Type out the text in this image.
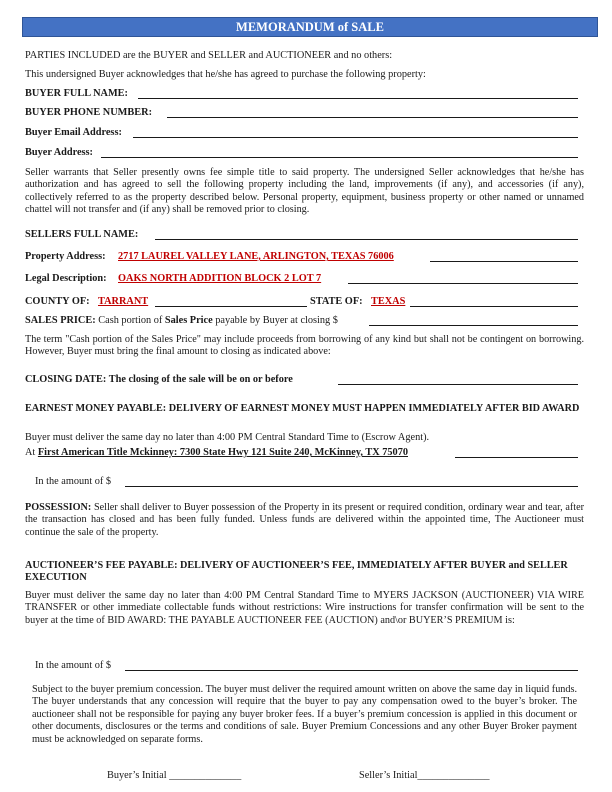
MEMORANDUM of SALE
PARTIES INCLUDED are the BUYER and SELLER and AUCTIONEER and no others:
This undersigned Buyer acknowledges that he/she has agreed to purchase the following property:
BUYER FULL NAME:
BUYER PHONE NUMBER:
Buyer Email Address:
Buyer Address:
Seller warrants that Seller presently owns fee simple title to said property. The undersigned Seller acknowledges that he/she has authorization and has agreed to sell the following property including the land, improvements (if any), and accessories (if any), collectively referred to as the property described below. Personal property, equipment, business property or other named or unnamed chattel will not transfer and (if any) shall be removed prior to closing.
SELLERS FULL NAME:
Property Address: 2717 LAUREL VALLEY LANE, ARLINGTON, TEXAS 76006
Legal Description: OAKS NORTH ADDITION BLOCK 2 LOT 7
COUNTY OF: TARRANT	STATE OF: TEXAS
SALES PRICE: Cash portion of Sales Price payable by Buyer at closing $
The term "Cash portion of the Sales Price" may include proceeds from borrowing of any kind but shall not be contingent on borrowing. However, Buyer must bring the final amount to closing as indicated above:
CLOSING DATE: The closing of the sale will be on or before
EARNEST MONEY PAYABLE: DELIVERY OF EARNEST MONEY MUST HAPPEN IMMEDIATELY AFTER BID AWARD
Buyer must deliver the same day no later than 4:00 PM Central Standard Time to (Escrow Agent).
At First American Title Mckinney: 7300 State Hwy 121 Suite 240, McKinney, TX 75070
In the amount of $
POSSESSION: Seller shall deliver to Buyer possession of the Property in its present or required condition, ordinary wear and tear, after the transaction has closed and has been fully funded. Unless funds are delivered within the appointed time, The Auctioneer must continue the sale of the property.
AUCTIONEER’S FEE PAYABLE: DELIVERY OF AUCTIONEER’S FEE, IMMEDIATELY AFTER BUYER and SELLER EXECUTION
Buyer must deliver the same day no later than 4:00 PM Central Standard Time to MYERS JACKSON (AUCTIONEER) VIA WIRE TRANSFER or other immediate collectable funds without restrictions: Wire instructions for transfer confirmation will be sent to the buyer at the time of BID AWARD: THE PAYABLE AUCTIONEER FEE (AUCTION) and\or BUYER’S PREMIUM is:
In the amount of $
Subject to the buyer premium concession. The buyer must deliver the required amount written on above the same day in liquid funds. The buyer understands that any concession will require that the buyer to pay any compensation owed to the buyer’s broker. The auctioneer shall not be responsible for paying any buyer broker fees. If a buyer’s premium concession is applied in this document or other documents, disclosures or the terms and conditions of sale. Buyer Premium Concessions and any other Buyer Broker payment must be acknowledged on separate forms.
Buyer’s Initial ______________	Seller’s Initial______________
